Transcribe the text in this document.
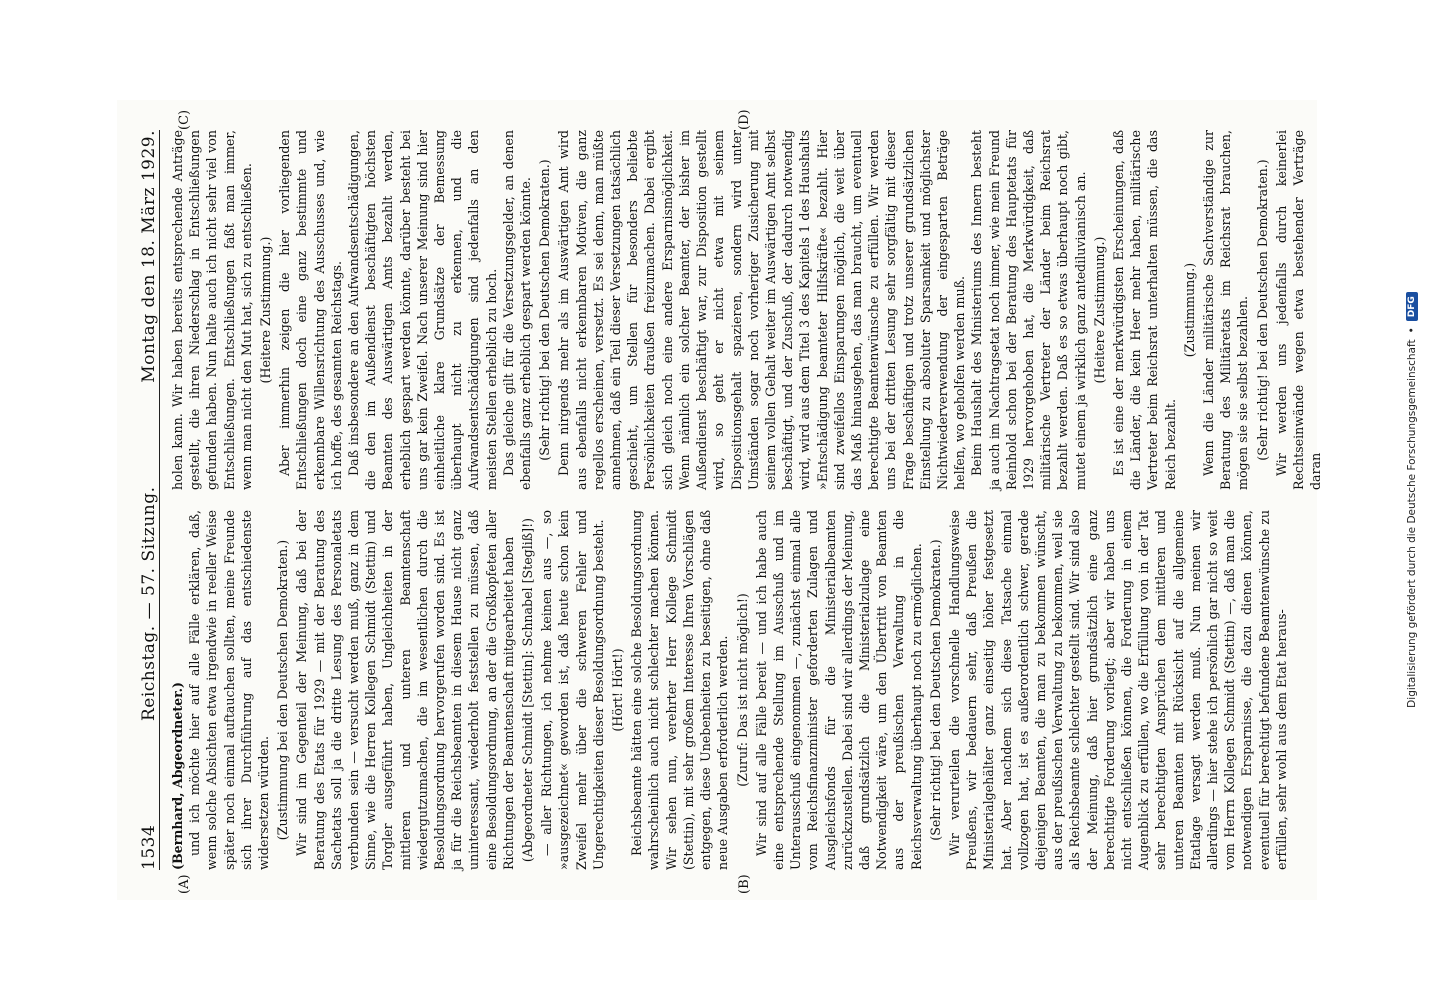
1534
Reichstag. — 57. Sitzung.
Montag den 18. März 1929.
(A)	(B)
(C)	(D)

(Bernhard, Abgeordneter.) und ich möchte hier auf alle Fälle erklären, daß, wenn solche Absichten etwa irgendwie in reeller Weise später noch einmal auftauchen sollten, meine Freunde sich ihrer Durchführung auf das entschiedenste widersetzen würden. (Zustimmung bei den Deutschen Demokraten.) Wir sind im Gegenteil der Meinung, daß bei der Beratung des Etats für 1929 — mit der Beratung des Sachetats soll ja die dritte Lesung des Personaletats verbunden sein — versucht werden muß, ganz in dem Sinne, wie die Herren Kollegen Schmidt (Stettin) und Torgler ausgeführt haben, Ungleichheiten in der mittleren und unteren Beamtenschaft wiedergutzumachen, die im wesentlichen durch die Besoldungsordnung hervorgerufen worden sind. Es ist ja für die Reichsbeamten in diesem Hause nicht ganz uninteressant, wiederholt feststellen zu müssen, daß eine Besoldungsordnung, an der die Großkopfeten aller Richtungen der Beamtenschaft mitgearbeitet haben (Abgeordneter Schmidt [Stettin]: Schnabel [Stegliß]!) — aller Richtungen, ich nehme keinen aus —, so »ausgezeichnet« geworden ist, daß heute schon kein Zweifel mehr über die schweren Fehler und Ungerechtigkeiten dieser Besoldungsordnung besteht. (Hört! Hört!) Reichsbeamte hätten eine solche Besoldungsordnung wahrscheinlich auch nicht schlechter machen können. Wir sehen nun, verehrter Herr Kollege Schmidt (Stettin), mit sehr großem Interesse Ihren Vorschlägen entgegen, diese Unebenheiten zu beseitigen, ohne daß neue Ausgaben erforderlich werden. (Zuruf: Das ist nicht möglich!) Wir sind auf alle Fälle bereit — und ich habe auch eine entsprechende Stellung im Ausschuß und im Unterausschuß eingenommen —, zunächst einmal alle vom Reichsfinanzminister geforderten Zulagen und Ausgleichsfonds für die Ministerialbeamten zurückzustellen. Dabei sind wir allerdings der Meinung, daß grundsätzlich die Ministerialzulage eine Notwendigkeit wäre, um den Übertritt von Beamten aus der preußischen Verwaltung in die Reichsverwaltung überhaupt noch zu ermöglichen. (Sehr richtig! bei den Deutschen Demokraten.) Wir verurteilen die vorschnelle Handlungsweise Preußens, wir bedauern sehr, daß Preußen die Ministerialgehälter ganz einseitig höher festgesetzt hat. Aber nachdem sich diese Tatsache einmal vollzogen hat, ist es außerordentlich schwer, gerade diejenigen Beamten, die man zu bekommen wünscht, aus der preußischen Verwaltung zu bekommen, weil sie als Reichsbeamte schlechter gestellt sind. Wir sind also der Meinung, daß hier grundsätzlich eine ganz berechtigte Forderung vorliegt; aber wir haben uns nicht entschließen können, die Forderung in einem Augenblick zu erfüllen, wo die Erfüllung von in der Tat sehr berechtigten Ansprüchen dem mittleren und unteren Beamten mit Rücksicht auf die allgemeine Etatlage versagt werden muß. Nun meinen wir allerdings — hier stehe ich persönlich gar nicht so weit vom Herrn Kollegen Schmidt (Stettin) —, daß man die notwendigen Ersparnisse, die dazu dienen können, eventuell für berechtigt befundene Beamtenwünsche zu erfüllen, sehr wohl aus dem Etat heraus-

holen kann. Wir haben bereits entsprechende Anträge gestellt, die ihren Niederschlag in Entschließungen gefunden haben. Nun halte auch ich nicht sehr viel von Entschließungen. Entschließungen faßt man immer, wenn man nicht den Mut hat, sich zu entschließen. (Heitere Zustimmung.) Aber immerhin zeigen die hier vorliegenden Entschließungen doch eine ganz bestimmte und erkennbare Willensrichtung des Ausschusses und, wie ich hoffe, des gesamten Reichstags. Daß insbesondere an den Aufwandsentschädigungen, die den im Außendienst beschäftigten höchsten Beamten des Auswärtigen Amts bezahlt werden, erheblich gespart werden könnte, darüber besteht bei uns gar kein Zweifel. Nach unserer Meinung sind hier einheitliche klare Grundsätze der Bemessung überhaupt nicht zu erkennen, und die Aufwandsentschädigungen sind jedenfalls an den meisten Stellen erheblich zu hoch. Das gleiche gilt für die Versetzungsgelder, an denen ebenfalls ganz erheblich gespart werden könnte. (Sehr richtig! bei den Deutschen Demokraten.) Denn nirgends mehr als im Auswärtigen Amt wird aus ebenfalls nicht erkennbaren Motiven, die ganz regellos erscheinen, versetzt. Es sei denn, man müßte annehmen, daß ein Teil dieser Versetzungen tatsächlich geschieht, um Stellen für besonders beliebte Persönlichkeiten draußen freizumachen. Dabei ergibt sich gleich noch eine andere Ersparnismöglichkeit. Wenn nämlich ein solcher Beamter, der bisher im Außendienst beschäftigt war, zur Disposition gestellt wird, so geht er nicht etwa mit seinem Dispositionsgehalt spazieren, sondern wird unter Umständen sogar noch vorheriger Zusicherung mit seinem vollen Gehalt weiter im Auswärtigen Amt selbst beschäftigt, und der Zuschuß, der dadurch notwendig wird, wird aus dem Titel 3 des Kapitels 1 des Haushalts »Entschädigung beamteter Hilfskräfte« bezahlt. Hier sind zweifellos Einsparungen möglich, die weit über das Maß hinausgehen, das man braucht, um eventuell berechtigte Beamtenwünsche zu erfüllen. Wir werden uns bei der dritten Lesung sehr sorgfältig mit dieser Frage beschäftigen und trotz unserer grundsätzlichen Einstellung zu absoluter Sparsamkeit und möglichster Nichtwiederverwendung der eingesparten Beträge helfen, wo geholfen werden muß. Beim Haushalt des Ministeriums des Innern besteht ja auch im Nachtragsetat noch immer, wie mein Freund Reinhold schon bei der Beratung des Hauptetats für 1929 hervorgehoben hat, die Merkwürdigkeit, daß militärische Vertreter der Länder beim Reichsrat bezahlt werden. Daß es so etwas überhaupt noch gibt, mutet einem ja wirklich ganz antediluvianisch an. (Heitere Zustimmung.) Es ist eine der merkwürdigsten Erscheinungen, daß die Länder, die kein Heer mehr haben, militärische Vertreter beim Reichsrat unterhalten müssen, die das Reich bezahlt.

(Zustimmung.) Wenn die Länder militärische Sachverständige zur Beratung des Militäretats im Reichsrat brauchen, mögen sie sie selbst bezahlen. (Sehr richtig! bei den Deutschen Demokraten.) Wir werden uns jedenfalls durch keinerlei Rechtseinwände wegen etwa bestehender Verträge daran	Digitalisierung gefördert durch die Deutsche Forschungsgemeinschaft
•
DFG
